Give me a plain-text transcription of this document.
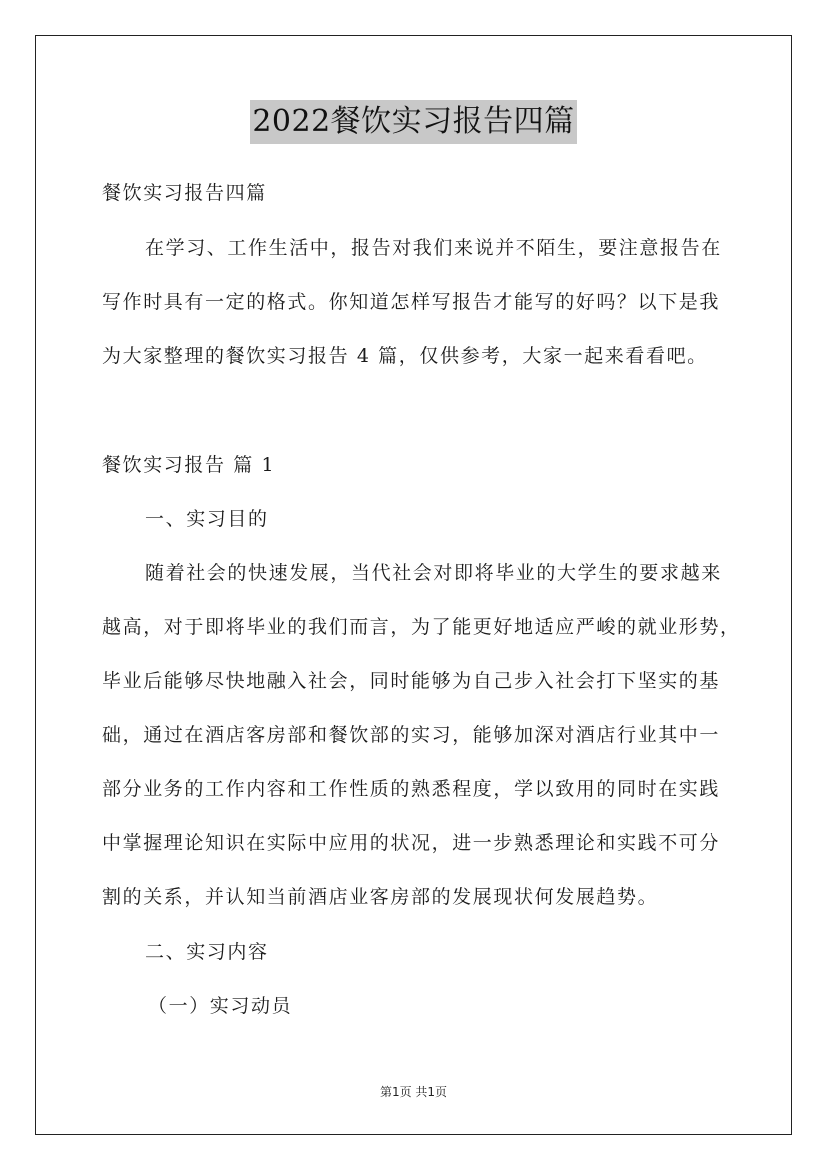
2022餐饮实习报告四篇
餐饮实习报告四篇
在学习、工作生活中，报告对我们来说并不陌生，要注意报告在
写作时具有一定的格式。你知道怎样写报告才能写的好吗？以下是我
为大家整理的餐饮实习报告 4 篇，仅供参考，大家一起来看看吧。
餐饮实习报告 篇 1
一、实习目的
随着社会的快速发展，当代社会对即将毕业的大学生的要求越来
越高，对于即将毕业的我们而言，为了能更好地适应严峻的就业形势，
毕业后能够尽快地融入社会，同时能够为自己步入社会打下坚实的基
础，通过在酒店客房部和餐饮部的实习，能够加深对酒店行业其中一
部分业务的工作内容和工作性质的熟悉程度，学以致用的同时在实践
中掌握理论知识在实际中应用的状况，进一步熟悉理论和实践不可分
割的关系，并认知当前酒店业客房部的发展现状何发展趋势。
二、实习内容
（一）实习动员
第1页 共1页
